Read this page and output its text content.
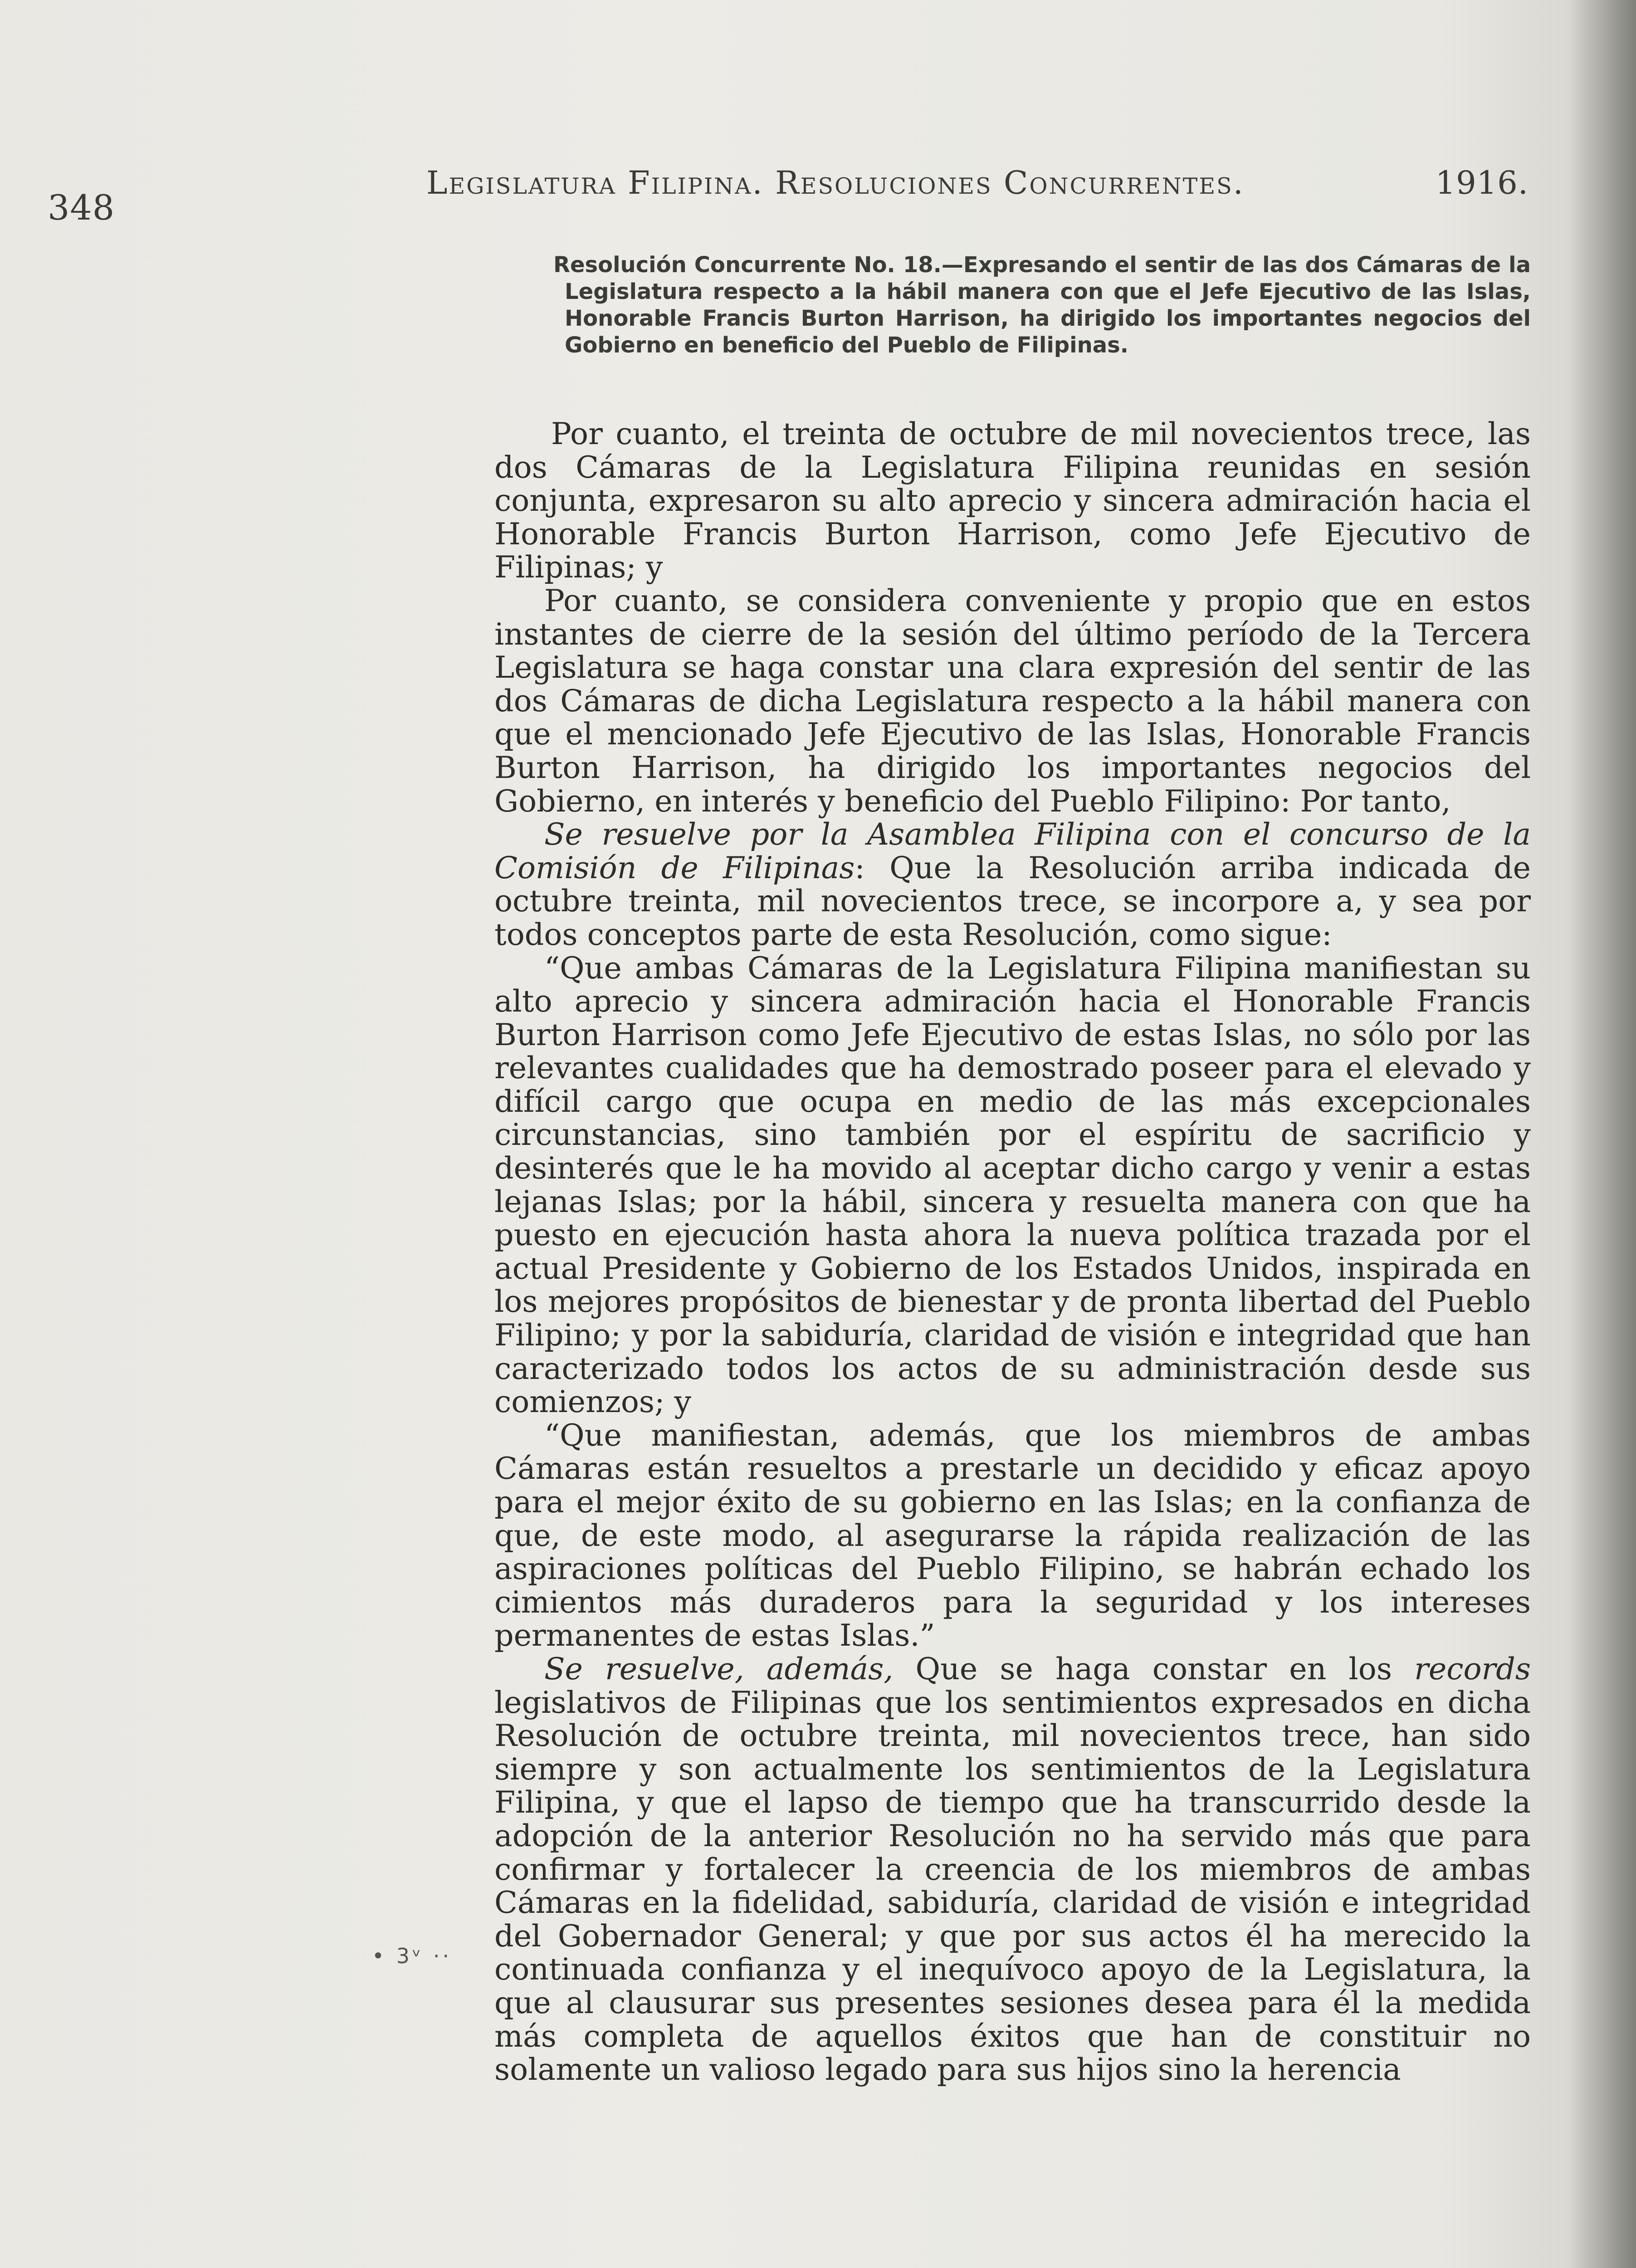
348
Legislatura Filipina. Resoluciones Concurrentes.	1916.
Resolución Concurrente No. 18.—Expresando el sentir de las dos Cámaras de la Legislatura respecto a la hábil manera con que el Jefe Ejecutivo de las Islas, Honorable Francis Burton Harrison, ha dirigido los importantes negocios del Gobierno en beneficio del Pueblo de Filipinas.

Por cuanto, el treinta de octubre de mil novecientos trece, las dos Cámaras de la Legislatura Filipina reunidas en sesión conjunta, expresaron su alto aprecio y sincera admiración hacia el Honorable Francis Burton Harrison, como Jefe Ejecutivo de Filipinas; y

Por cuanto, se considera conveniente y propio que en estos instantes de cierre de la sesión del último período de la Tercera Legislatura se haga constar una clara expresión del sentir de las dos Cámaras de dicha Legislatura respecto a la hábil manera con que el mencionado Jefe Ejecutivo de las Islas, Honorable Francis Burton Harrison, ha dirigido los importantes negocios del Gobierno, en interés y beneficio del Pueblo Filipino: Por tanto,

Se resuelve por la Asamblea Filipina con el concurso de la Comisión de Filipinas: Que la Resolución arriba indicada de octubre treinta, mil novecientos trece, se incorpore a, y sea por todos conceptos parte de esta Resolución, como sigue:

“Que ambas Cámaras de la Legislatura Filipina manifiestan su alto aprecio y sincera admiración hacia el Honorable Francis Burton Harrison como Jefe Ejecutivo de estas Islas, no sólo por las relevantes cualidades que ha demostrado poseer para el elevado y difícil cargo que ocupa en medio de las más excepcionales circunstancias, sino también por el espíritu de sacrificio y desinterés que le ha movido al aceptar dicho cargo y venir a estas lejanas Islas; por la hábil, sincera y resuelta manera con que ha puesto en ejecución hasta ahora la nueva política trazada por el actual Presidente y Gobierno de los Estados Unidos, inspirada en los mejores propósitos de bienestar y de pronta libertad del Pueblo Filipino; y por la sabiduría, claridad de visión e integridad que han caracterizado todos los actos de su administración desde sus comienzos; y

“Que manifiestan, además, que los miembros de ambas Cámaras están resueltos a prestarle un decidido y eficaz apoyo para el mejor éxito de su gobierno en las Islas; en la confianza de que, de este modo, al asegurarse la rápida realización de las aspiraciones políticas del Pueblo Filipino, se habrán echado los cimientos más duraderos para la seguridad y los intereses permanentes de estas Islas.”

Se resuelve, además, Que se haga constar en los records legislativos de Filipinas que los sentimientos expresados en dicha Resolución de octubre treinta, mil novecientos trece, han sido siempre y son actualmente los sentimientos de la Legislatura Filipina, y que el lapso de tiempo que ha transcurrido desde la adopción de la anterior Resolución no ha servido más que para confirmar y fortalecer la creencia de los miembros de ambas Cámaras en la fidelidad, sabiduría, claridad de visión e integridad del Gobernador General; y que por sus actos él ha merecido la continuada confianza y el inequívoco apoyo de la Legislatura, la que al clausurar sus presentes sesiones desea para él la medida más completa de aquellos éxitos que han de constituir no solamente un valioso legado para sus hijos sino la herencia

• 3ᵛ ··
